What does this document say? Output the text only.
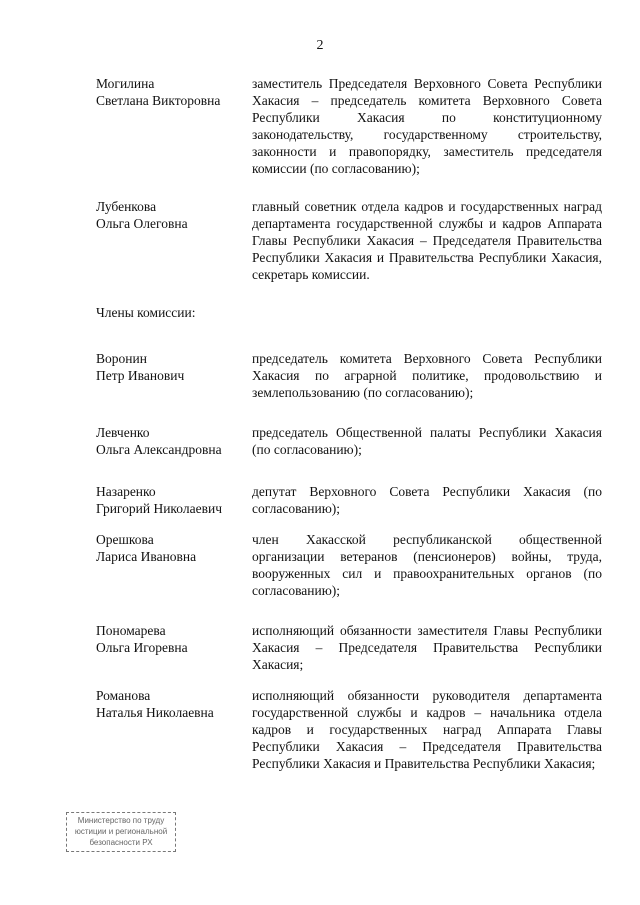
2
Могилина
Светлана Викторовна
заместитель Председателя Верховного Совета Республики Хакасия – председатель комитета Верховного Совета Республики Хакасия по конституционному законодательству, государственному строительству, законности и правопорядку, заместитель председателя комиссии (по согласованию);
Лубенкова
Ольга Олеговна
главный советник отдела кадров и государственных наград департамента государственной службы и кадров Аппарата Главы Республики Хакасия – Председателя Правительства Республики Хакасия и Правительства Республики Хакасия, секретарь комиссии.
Члены комиссии:
Воронин
Петр Иванович
председатель комитета Верховного Совета Республики Хакасия по аграрной политике, продовольствию и землепользованию (по согласованию);
Левченко
Ольга Александровна
председатель Общественной палаты Республики Хакасия (по согласованию);
Назаренко
Григорий Николаевич
депутат Верховного Совета Республики Хакасия (по согласованию);
Орешкова
Лариса Ивановна
член Хакасской республиканской общественной организации ветеранов (пенсионеров) войны, труда, вооруженных сил и правоохранительных органов (по согласованию);
Пономарева
Ольга Игоревна
исполняющий обязанности заместителя Главы Республики Хакасия – Председателя Правительства Республики Хакасия;
Романова
Наталья Николаевна
исполняющий обязанности руководителя департамента государственной службы и кадров – начальника отдела кадров и государственных наград Аппарата Главы Республики Хакасия – Председателя Правительства Республики Хакасия и Правительства Республики Хакасия;
Министерство по труду
юстиции и региональной
безопасности РХ
